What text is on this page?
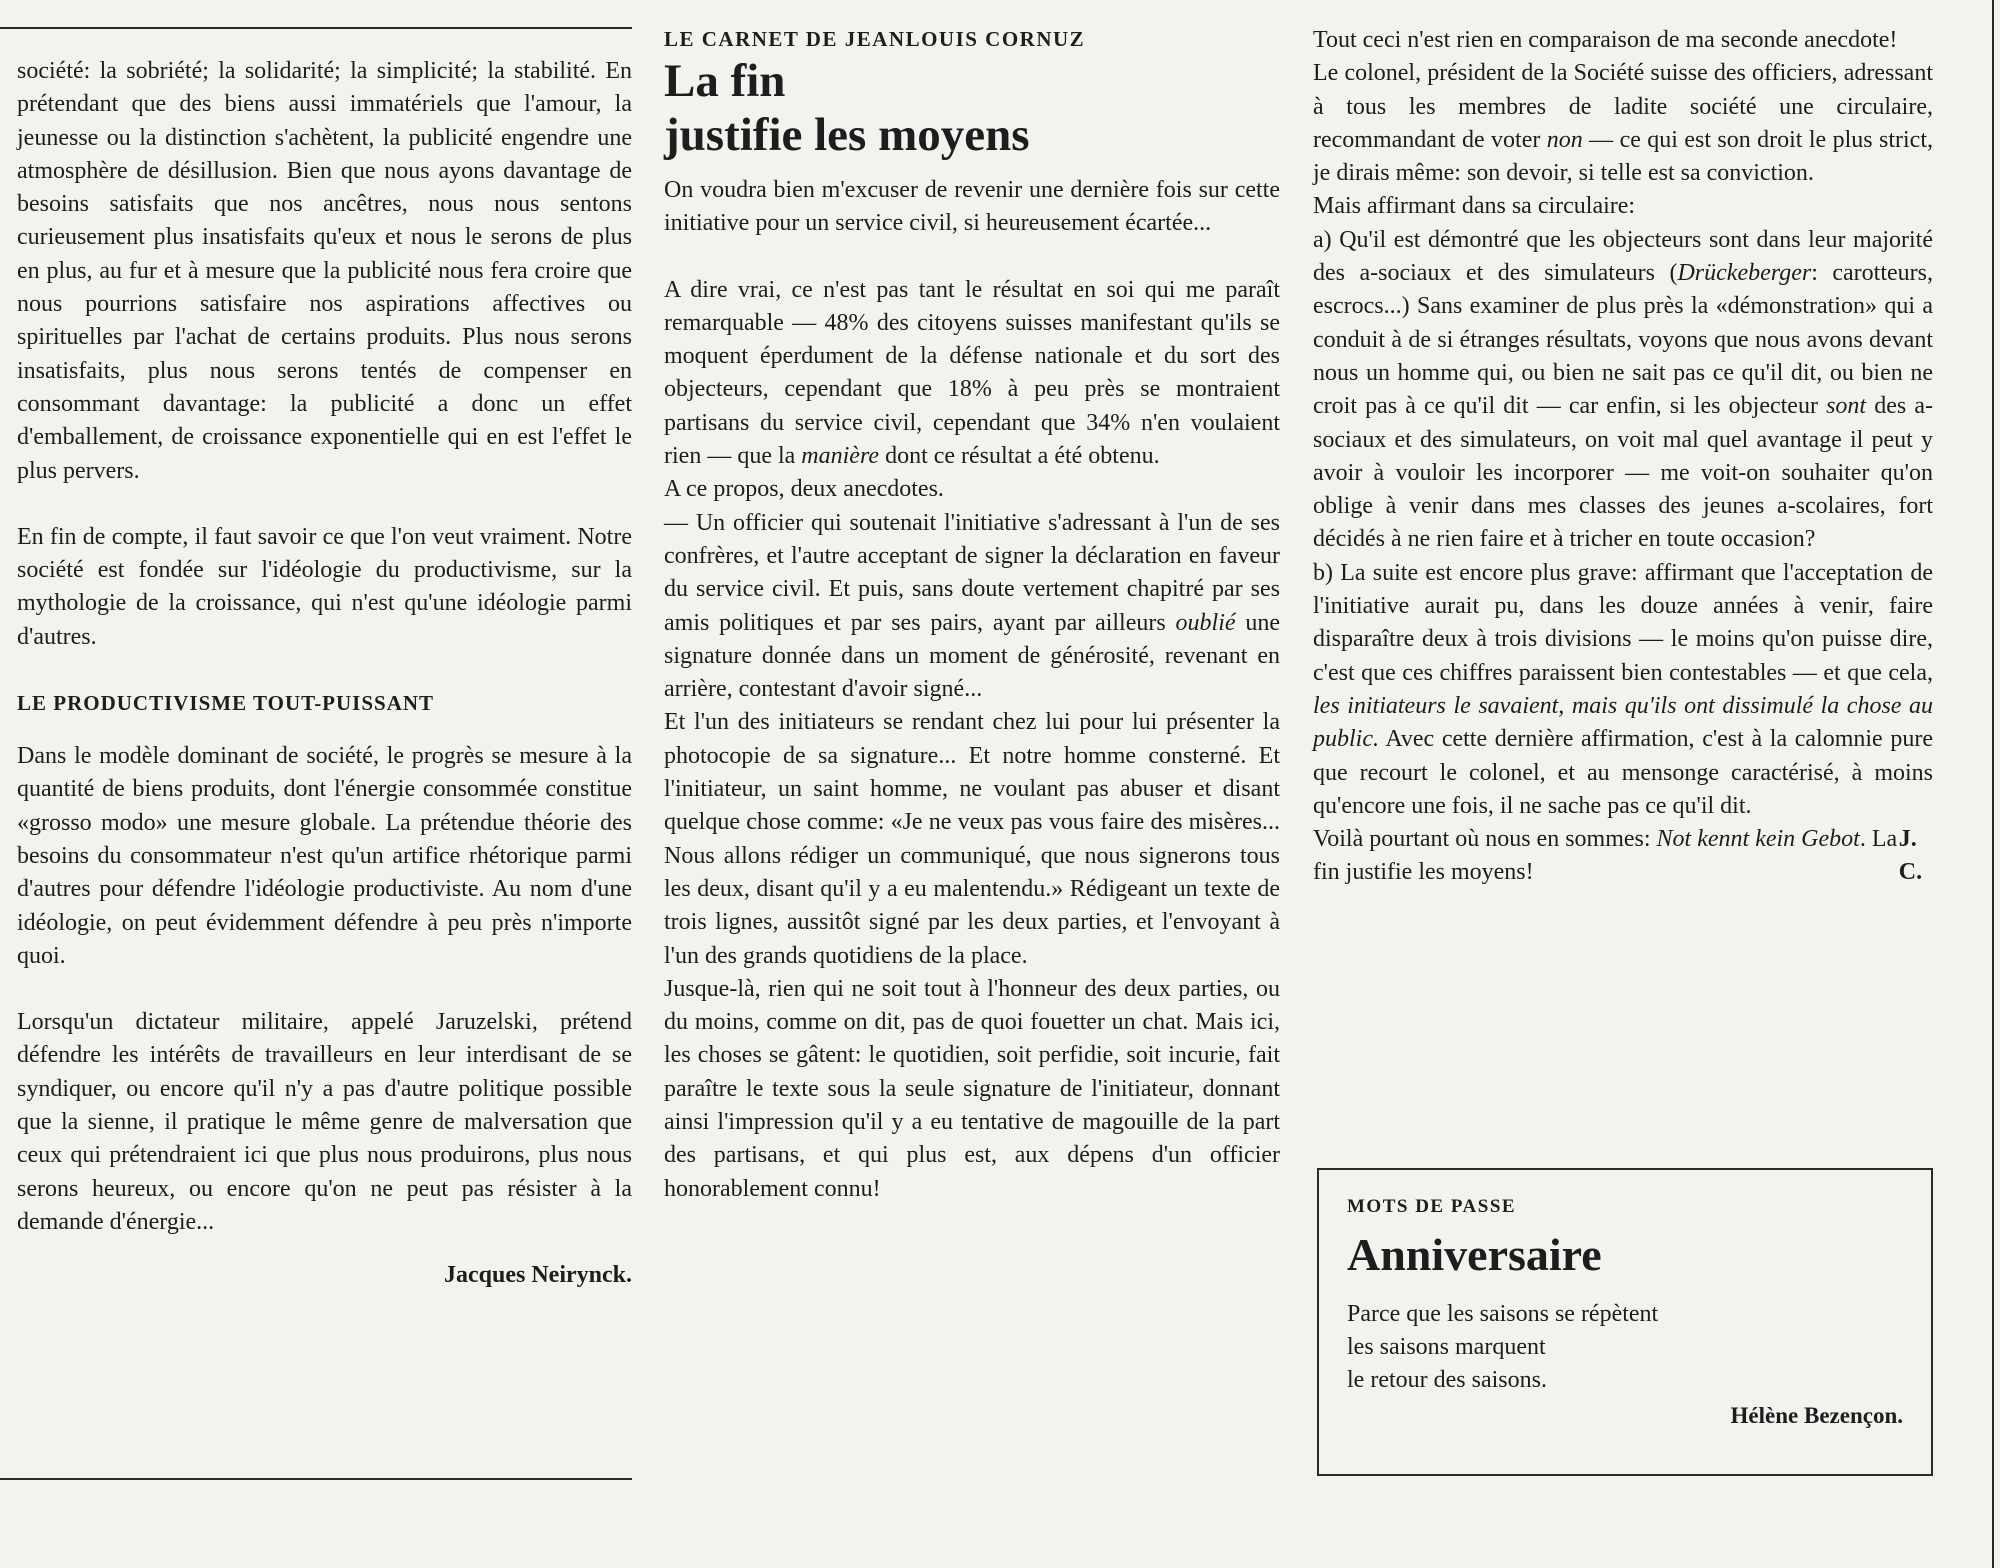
société: la sobriété; la solidarité; la simplicité; la stabilité. En prétendant que des biens aussi immatériels que l'amour, la jeunesse ou la distinction s'achètent, la publicité engendre une atmosphère de désillusion. Bien que nous ayons davantage de besoins satisfaits que nos ancêtres, nous nous sentons curieusement plus insatisfaits qu'eux et nous le serons de plus en plus, au fur et à mesure que la publicité nous fera croire que nous pourrions satisfaire nos aspirations affectives ou spirituelles par l'achat de certains produits. Plus nous serons insatisfaits, plus nous serons tentés de compenser en consommant davantage: la publicité a donc un effet d'emballement, de croissance exponentielle qui en est l'effet le plus pervers.

En fin de compte, il faut savoir ce que l'on veut vraiment. Notre société est fondée sur l'idéologie du productivisme, sur la mythologie de la croissance, qui n'est qu'une idéologie parmi d'autres.

LE PRODUCTIVISME TOUT-PUISSANT

Dans le modèle dominant de société, le progrès se mesure à la quantité de biens produits, dont l'énergie consommée constitue «grosso modo» une mesure globale. La prétendue théorie des besoins du consommateur n'est qu'un artifice rhétorique parmi d'autres pour défendre l'idéologie productiviste. Au nom d'une idéologie, on peut évidemment défendre à peu près n'importe quoi.

Lorsqu'un dictateur militaire, appelé Jaruzelski, prétend défendre les intérêts de travailleurs en leur interdisant de se syndiquer, ou encore qu'il n'y a pas d'autre politique possible que la sienne, il pratique le même genre de malversation que ceux qui prétendraient ici que plus nous produirons, plus nous serons heureux, ou encore qu'on ne peut pas résister à la demande d'énergie...

Jacques Neirynck.

LE CARNET DE JEANLOUIS CORNUZ
La fin
justifie les moyens

On voudra bien m'excuser de revenir une dernière fois sur cette initiative pour un service civil, si heureusement écartée...

A dire vrai, ce n'est pas tant le résultat en soi qui me paraît remarquable — 48% des citoyens suisses manifestant qu'ils se moquent éperdument de la défense nationale et du sort des objecteurs, cependant que 18% à peu près se montraient partisans du service civil, cependant que 34% n'en voulaient rien — que la manière dont ce résultat a été obtenu.

A ce propos, deux anecdotes.

— Un officier qui soutenait l'initiative s'adressant à l'un de ses confrères, et l'autre acceptant de signer la déclaration en faveur du service civil. Et puis, sans doute vertement chapitré par ses amis politiques et par ses pairs, ayant par ailleurs oublié une signature donnée dans un moment de générosité, revenant en arrière, contestant d'avoir signé...

Et l'un des initiateurs se rendant chez lui pour lui présenter la photocopie de sa signature... Et notre homme consterné. Et l'initiateur, un saint homme, ne voulant pas abuser et disant quelque chose comme: «Je ne veux pas vous faire des misères... Nous allons rédiger un communiqué, que nous signerons tous les deux, disant qu'il y a eu malentendu.» Rédigeant un texte de trois lignes, aussitôt signé par les deux parties, et l'envoyant à l'un des grands quotidiens de la place.

Jusque-là, rien qui ne soit tout à l'honneur des deux parties, ou du moins, comme on dit, pas de quoi fouetter un chat. Mais ici, les choses se gâtent: le quotidien, soit perfidie, soit incurie, fait paraître le texte sous la seule signature de l'initiateur, donnant ainsi l'impression qu'il y a eu tentative de magouille de la part des partisans, et qui plus est, aux dépens d'un officier honorablement connu!

Tout ceci n'est rien en comparaison de ma seconde anecdote!

Le colonel, président de la Société suisse des officiers, adressant à tous les membres de ladite société une circulaire, recommandant de voter non — ce qui est son droit le plus strict, je dirais même: son devoir, si telle est sa conviction.

Mais affirmant dans sa circulaire:

a) Qu'il est démontré que les objecteurs sont dans leur majorité des a-sociaux et des simulateurs (Drückeberger: carotteurs, escrocs...) Sans examiner de plus près la «démonstration» qui a conduit à de si étranges résultats, voyons que nous avons devant nous un homme qui, ou bien ne sait pas ce qu'il dit, ou bien ne croit pas à ce qu'il dit — car enfin, si les objecteur sont des a-sociaux et des simulateurs, on voit mal quel avantage il peut y avoir à vouloir les incorporer — me voit-on souhaiter qu'on oblige à venir dans mes classes des jeunes a-scolaires, fort décidés à ne rien faire et à tricher en toute occasion?

b) La suite est encore plus grave: affirmant que l'acceptation de l'initiative aurait pu, dans les douze années à venir, faire disparaître deux à trois divisions — le moins qu'on puisse dire, c'est que ces chiffres paraissent bien contestables — et que cela, les initiateurs le savaient, mais qu'ils ont dissimulé la chose au public. Avec cette dernière affirmation, c'est à la calomnie pure que recourt le colonel, et au mensonge caractérisé, à moins qu'encore une fois, il ne sache pas ce qu'il dit.

Voilà pourtant où nous en sommes: Not kennt kein Gebot. La fin justifie les moyens!
J. C.
MOTS DE PASSE
Anniversaire

Parce que les saisons se répètent

les saisons marquent

le retour des saisons.

Hélène Bezençon.
